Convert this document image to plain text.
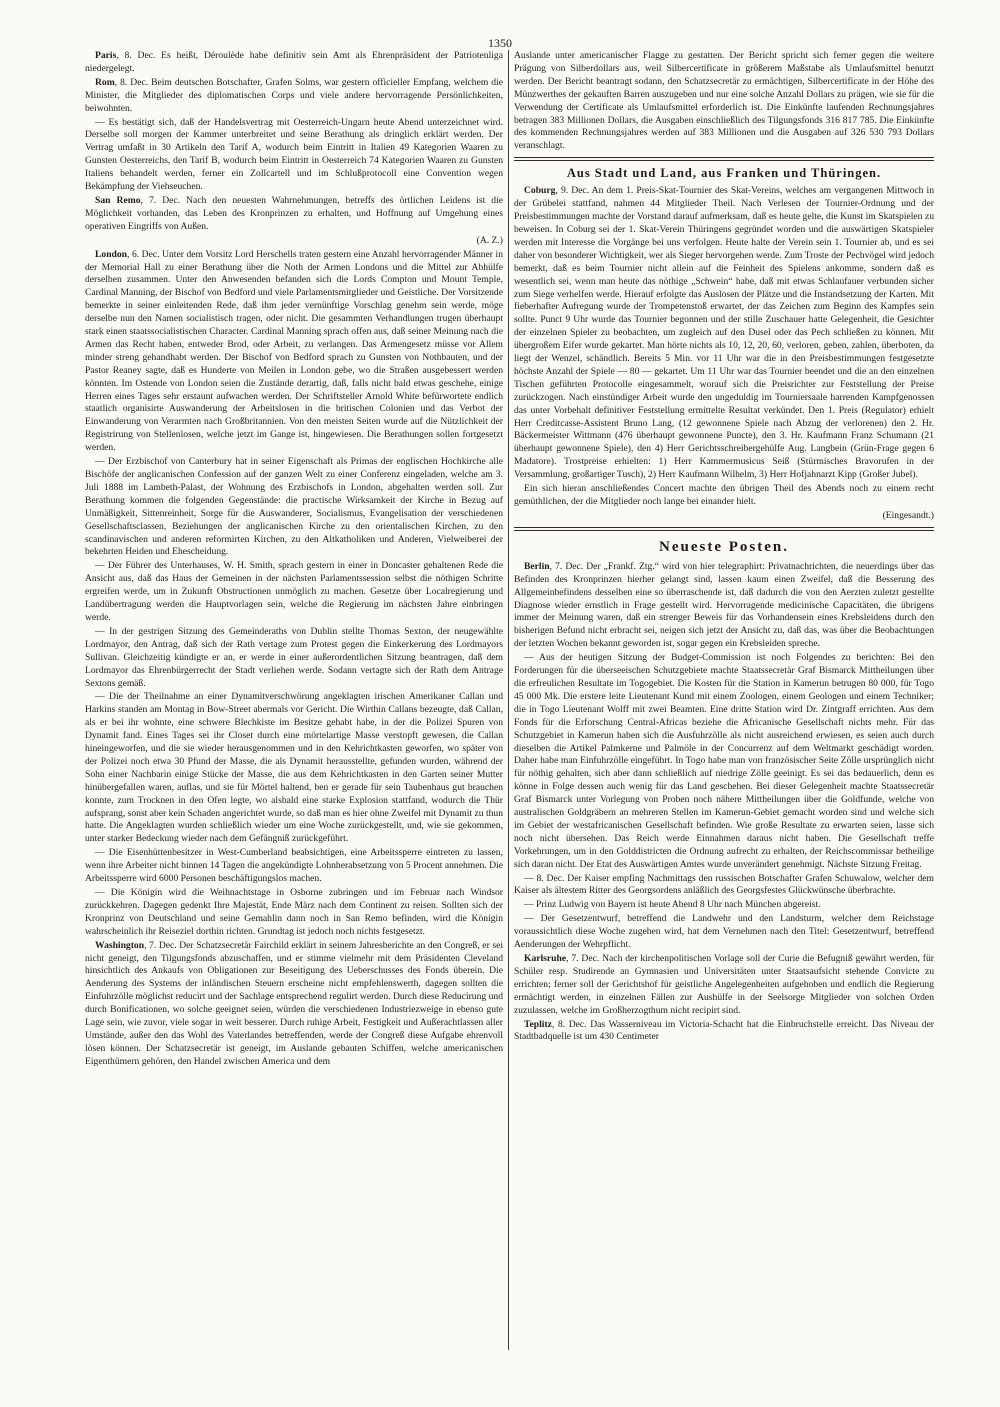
1350

Paris, 8. Dec. Es heißt, Déroulède habe definitiv sein Amt als Ehrenpräsident der Patriotenliga niedergelegt.

Rom, 8. Dec. Beim deutschen Botschafter, Grafen Solms, war gestern officieller Empfang, welchem die Minister, die Mitglieder des diplomatischen Corps und viele andere hervorragende Persönlichkeiten, beiwohnten.

— Es bestätigt sich, daß der Handelsvertrag mit Oesterreich-Ungarn heute Abend unterzeichnet wird. Derselbe soll morgen der Kammer unterbreitet und seine Berathung als dringlich erklärt werden. Der Vertrag umfaßt in 30 Artikeln den Tarif A, wodurch beim Eintritt in Italien 49 Kategorien Waaren zu Gunsten Oesterreichs, den Tarif B, wodurch beim Eintritt in Oesterreich 74 Kategorien Waaren zu Gunsten Italiens behandelt werden, ferner ein Zollcartell und im Schlußprotocoll eine Convention wegen Bekämpfung der Viehseuchen.

San Remo, 7. Dec. Nach den neuesten Wahrnehmungen, betreffs des örtlichen Leidens ist die Möglichkeit vorhanden, das Leben des Kronprinzen zu erhalten, und Hoffnung auf Umgehung eines operativen Eingriffs von Außen.

(A. Z.)

London, 6. Dec. Unter dem Vorsitz Lord Herschells traten gestern eine Anzahl hervorragender Männer in der Memorial Hall zu einer Berathung über die Noth der Armen Londons und die Mittel zur Abhülfe derselben zusammen. Unter den Anwesenden befanden sich die Lords Compton und Mount Temple, Cardinal Manning, der Bischof von Bedford und viele Parlamentsmitglieder und Geistliche. Der Vorsitzende bemerkte in seiner einleitenden Rede, daß ihm jeder vernünftige Vorschlag genehm sein werde, möge derselbe nun den Namen socialistisch tragen, oder nicht. Die gesammten Verhandlungen trugen überhaupt stark einen staatssocialistischen Character. Cardinal Manning sprach offen aus, daß seiner Meinung nach die Armen das Recht haben, entweder Brod, oder Arbeit, zu verlangen. Das Armengesetz müsse vor Allem minder streng gehandhabt werden. Der Bischof von Bedford sprach zu Gunsten von Nothbauten, und der Pastor Reaney sagte, daß es Hunderte von Meilen in London gebe, wo die Straßen ausgebessert werden könnten. Im Ostende von London seien die Zustände derartig, daß, falls nicht bald etwas geschehe, einige Herren eines Tages sehr erstaunt aufwachen werden. Der Schriftsteller Arnold White befürwortete endlich staatlich organisirte Auswanderung der Arbeitslosen in die britischen Colonien und das Verbot der Einwanderung von Verarmten nach Großbritannien. Von den meisten Seiten wurde auf die Nützlichkeit der Registrirung von Stellenlosen, welche jetzt im Gange ist, hingewiesen. Die Berathungen sollen fortgesetzt werden.

— Der Erzbischof von Canterbury hat in seiner Eigenschaft als Primas der englischen Hochkirche alle Bischöfe der anglicanischen Confession auf der ganzen Welt zu einer Conferenz eingeladen, welche am 3. Juli 1888 im Lambeth-Palast, der Wohnung des Erzbischofs in London, abgehalten werden soll. Zur Berathung kommen die folgenden Gegenstände: die practische Wirksamkeit der Kirche in Bezug auf Unmäßigkeit, Sittenreinheit, Sorge für die Auswanderer, Socialismus, Evangelisation der verschiedenen Gesellschaftsclassen, Beziehungen der anglicanischen Kirche zu den orientalischen Kirchen, zu den scandinavischen und anderen reformirten Kirchen, zu den Altkatholiken und Anderen, Vielweiberei der bekehrten Heiden und Ehescheidung.

— Der Führer des Unterhauses, W. H. Smith, sprach gestern in einer in Doncaster gehaltenen Rede die Ansicht aus, daß das Haus der Gemeinen in der nächsten Parlamentssession selbst die nöthigen Schritte ergreifen werde, um in Zukunft Obstructionen unmöglich zu machen. Gesetze über Localregierung und Landübertragung werden die Hauptvorlagen sein, welche die Regierung im nächsten Jahre einbringen werde.

— In der gestrigen Sitzung des Gemeinderaths von Dublin stellte Thomas Sexton, der neugewählte Lordmayor, den Antrag, daß sich der Rath vertage zum Protest gegen die Einkerkerung des Lordmayors Sullivan. Gleichzeitig kündigte er an, er werde in einer außerordentlichen Sitzung beantragen, daß dem Lordmayor das Ehrenbürgerrecht der Stadt verliehen werde. Sodann vertagte sich der Rath dem Antrage Sextons gemäß.

— Die der Theilnahme an einer Dynamitverschwörung angeklagten irischen Amerikaner Callan und Harkins standen am Montag in Bow-Street abermals vor Gericht. Die Wirthin Callans bezeugte, daß Callan, als er bei ihr wohnte, eine schwere Blechkiste im Besitze gehabt habe, in der die Polizei Spuren von Dynamit fand. Eines Tages sei ihr Closet durch eine mörtelartige Masse verstopft gewesen, die Callan hineingeworfen, und die sie wieder herausgenommen und in den Kehrichtkasten geworfen, wo später von der Polizei noch etwa 30 Pfund der Masse, die als Dynamit herausstellte, gefunden wurden, während der Sohn einer Nachbarin einige Stücke der Masse, die aus dem Kehrichtkasten in den Garten seiner Mutter hinübergefallen waren, auflas, und sie für Mörtel haltend, ben er gerade für sein Taubenhaus gut brauchen konnte, zum Trocknen in den Ofen legte, wo alsbald eine starke Explosion stattfand, wodurch die Thür aufsprang, sonst aber kein Schaden angerichtet wurde, so daß man es hier ohne Zweifel mit Dynamit zu thun hatte. Die Angeklagten wurden schließlich wieder um eine Woche zurückgestellt, und, wie sie gekommen, unter starker Bedeckung wieder nach dem Gefängniß zurückgeführt.

— Die Eisenhüttenbesitzer in West-Cumberland beabsichtigen, eine Arbeitssperre eintreten zu lassen, wenn ihre Arbeiter nicht binnen 14 Tagen die angekündigte Lohnherabsetzung von 5 Procent annehmen. Die Arbeitssperre wird 6000 Personen beschäftigungslos machen.

— Die Königin wird die Weihnachtstage in Osborne zubringen und im Februar nach Windsor zurückkehren. Dagegen gedenkt Ihre Majestät, Ende März nach dem Continent zu reisen. Sollten sich der Kronprinz von Deutschland und seine Gemahlin dann noch in San Remo befinden, wird die Königin wahrscheinlich ihr Reiseziel dorthin richten. Grundtag ist jedoch noch nichts festgesetzt.

Washington, 7. Dec. Der Schatzsecretär Fairchild erklärt in seinem Jahresberichte an den Congreß, er sei nicht geneigt, den Tilgungsfonds abzuschaffen, und er stimme vielmehr mit dem Präsidenten Cleveland hinsichtlich des Ankaufs von Obligationen zur Beseitigung des Ueberschusses des Fonds überein. Die Aenderung des Systems der inländischen Steuern erscheine nicht empfehlenswerth, dagegen sollten die Einfuhrzölle möglichst reducirt und der Sachlage entsprechend regulirt werden. Durch diese Reducirung und durch Bonificationen, wo solche geeignet seien, würden die verschiedenen Industriezweige in ebenso gute Lage sein, wie zuvor, viele sogar in weit besserer. Durch ruhige Arbeit, Festigkeit und Außerachtlassen aller Umstände, außer den das Wohl des Vaterlandes betreffenden, werde der Congreß diese Aufgabe ehrenvoll lösen können. Der Schatzsecretär ist geneigt, im Auslande gebauten Schiffen, welche americanischen Eigenthümern gehören, den Handel zwischen America und dem

Auslande unter americanischer Flagge zu gestatten. Der Bericht spricht sich ferner gegen die weitere Prägung von Silberdollars aus, weil Silbercertificate in größerem Maßstabe als Umlaufsmittel benutzt werden. Der Bericht beantragt sodann, den Schatzsecretär zu ermächtigen, Silbercertificate in der Höhe des Münzwerthes der gekauften Barren auszugeben und nur eine solche Anzahl Dollars zu prägen, wie sie für die Verwendung der Certificate als Umlaufsmittel erforderlich ist. Die Einkünfte laufenden Rechnungsjahres betragen 383 Millionen Dollars, die Ausgaben einschließlich des Tilgungsfonds 316 817 785. Die Einkünfte des kommenden Rechnungsjahres werden auf 383 Millionen und die Ausgaben auf 326 530 793 Dollars veranschlagt.

Aus Stadt und Land, aus Franken und Thüringen.

Coburg, 9. Dec. An dem 1. Preis-Skat-Tournier des Skat-Vereins, welches am vergangenen Mittwoch in der Grübelei stattfand, nahmen 44 Mitglieder Theil. Nach Verlesen der Tournier-Ordnung und der Preisbestimmungen machte der Vorstand darauf aufmerksam, daß es heute gelte, die Kunst im Skatspielen zu beweisen. In Coburg sei der 1. Skat-Verein Thüringens gegründet worden und die auswärtigen Skatspieler werden mit Interesse die Vorgänge bei uns verfolgen. Heute halte der Verein sein 1. Tournier ab, und es sei daher von besonderer Wichtigkeit, wer als Sieger hervorgehen werde. Zum Troste der Pechvögel wird jedoch bemerkt, daß es beim Tournier nicht allein auf die Feinheit des Spielens ankomme, sondern daß es wesentlich sei, wenn man heute das nöthige „Schwein“ habe, daß mit etwas Schlaufauer verbunden sicher zum Siege verhelfen werde. Hierauf erfolgte das Auslosen der Plätze und die Instandsetzung der Karten. Mit fieberhafter Aufregung wurde der Trompetenstoß erwartet, der das Zeichen zum Beginn des Kampfes sein sollte. Punct 9 Uhr wurde das Tournier begonnen und der stille Zuschauer hatte Gelegenheit, die Gesichter der einzelnen Spieler zu beobachten, um zugleich auf den Dusel oder das Pech schließen zu können. Mit übergroßem Eifer wurde gekartet. Man hörte nichts als 10, 12, 20, 60, verloren, geben, zahlen, überboten, da liegt der Wenzel, schändlich. Bereits 5 Min. vor 11 Uhr war die in den Preisbestimmungen festgesetzte höchste Anzahl der Spiele — 80 — gekartet. Um 11 Uhr war das Tournier beendet und die an den einzelnen Tischen geführten Protocolle eingesammelt, worauf sich die Preisrichter zur Feststellung der Preise zurückzogen. Nach einstündiger Arbeit wurde den ungeduldig im Tourniersaale harrenden Kampfgenossen das unter Vorbehalt definitiver Feststellung ermittelte Resultat verkündet. Den 1. Preis (Regulator) erhielt Herr Creditcasse-Assistent Bruno Lang, (12 gewonnene Spiele nach Abzug der verlorenen) den 2. Hr. Bäckermeister Wittmann (476 überhaupt gewonnene Puncte), den 3. Hr. Kaufmann Franz Schumann (21 überhaupt gewonnene Spiele), den 4) Herr Gerichtsschreibergehülfe Aug. Langbein (Grün-Frage gegen 6 Madatore). Trostpreise erhielten: 1) Herr Kammermusicus Seiß (Stürmisches Bravorufen in der Versammlung, großartiger Tusch), 2) Herr Kaufmann Wilhelm, 3) Herr Hofjahnarzt Kipp (Großer Jubel).

Ein sich hieran anschließendes Concert machte den übrigen Theil des Abends noch zu einem recht gemüthlichen, der die Mitglieder noch lange bei einander hielt.

(Eingesandt.)

Neueste Posten.

Berlin, 7. Dec. Der „Frankf. Ztg.“ wird von hier telegraphirt: Privatnachrichten, die neuerdings über das Befinden des Kronprinzen hierher gelangt sind, lassen kaum einen Zweifel, daß die Besserung des Allgemeinbefindens desselben eine so überraschende ist, daß dadurch die von den Aerzten zuletzt gestellte Diagnose wieder ernstlich in Frage gestellt wird. Hervorragende medicinische Capacitäten, die übrigens immer der Meinung waren, daß ein strenger Beweis für das Vorhandensein eines Krebsleidens durch den bisherigen Befund nicht erbracht sei, neigen sich jetzt der Ansicht zu, daß das, was über die Beobachtungen der letzten Wochen bekannt geworden ist, sogar gegen ein Krebsleiden spreche.

— Aus der heutigen Sitzung der Budget-Commission ist noch Folgendes zu berichten: Bei den Forderungen für die überseeischen Schutzgebiete machte Staatssecretär Graf Bismarck Mittheilungen über die erfreulichen Resultate im Togogebiet. Die Kosten für die Station in Kamerun betrugen 80 000, für Togo 45 000 Mk. Die erstere leite Lieutenant Kund mit einem Zoologen, einem Geologen und einem Techniker; die in Togo Lieutenant Wolff mit zwei Beamten. Eine dritte Station wird Dr. Zintgraff errichten. Aus dem Fonds für die Erforschung Central-Africas beziehe die Africanische Gesellschaft nichts mehr. Für das Schutzgebiet in Kamerun haben sich die Ausfuhrzölle als nicht ausreichend erwiesen, es seien auch durch dieselben die Artikel Palmkerne und Palmöle in der Concurrenz auf dem Weltmarkt geschädigt worden. Daher habe man Einfuhrzölle eingeführt. In Togo habe man von französischer Seite Zölle ursprünglich nicht für nöthig gehalten, sich aber dann schließlich auf niedrige Zölle geeinigt. Es sei das bedauerlich, denn es könne in Folge dessen auch wenig für das Land geschehen. Bei dieser Gelegenheit machte Staatssecretär Graf Bismarck unter Vorlegung von Proben noch nähere Mittheilungen über die Goldfunde, welche von australischen Goldgräbern an mehreren Stellen im Kamerun-Gebiet gemacht worden sind und welche sich im Gebiet der westafricanischen Gesellschaft befinden. Wie große Resultate zu erwarten seien, lasse sich noch nicht übersehen. Das Reich werde Einnahmen daraus nicht haben. Die Gesellschaft treffe Vorkehrungen, um in den Golddistricten die Ordnung aufrecht zu erhalten, der Reichscommissar betheilige sich daran nicht. Der Etat des Auswärtigen Amtes wurde unverändert genehmigt. Nächste Sitzung Freitag.

— 8. Dec. Der Kaiser empfing Nachmittags den russischen Botschafter Grafen Schuwalow, welcher dem Kaiser als ältestem Ritter des Georgsordens anläßlich des Georgsfestes Glückwünsche überbrachte.

— Prinz Ludwig von Bayern ist heute Abend 8 Uhr nach München abgereist.

— Der Gesetzentwurf, betreffend die Landwehr und den Landsturm, welcher dem Reichstage voraussichtlich diese Woche zugehen wird, hat dem Vernehmen nach den Titel: Gesetzentwurf, betreffend Aenderungen der Wehrpflicht.

Karlsruhe, 7. Dec. Nach der kirchenpolitischen Vorlage soll der Curie die Befugniß gewährt werden, für Schüler resp. Studirende an Gymnasien und Universitäten unter Staatsaufsicht stehende Convicte zu errichten; ferner soll der Gerichtshof für geistliche Angelegenheiten aufgehoben und endlich die Regierung ermächtigt werden, in einzelnen Fällen zur Aushülfe in der Seelsorge Mitglieder von solchen Orden zuzulassen, welche im Großherzogthum nicht recipirt sind.

Teplitz, 8. Dec. Das Wasserniveau im Victoria-Schacht hat die Einbruchstelle erreicht. Das Niveau der Stadtbadquelle ist um 430 Centimeter
